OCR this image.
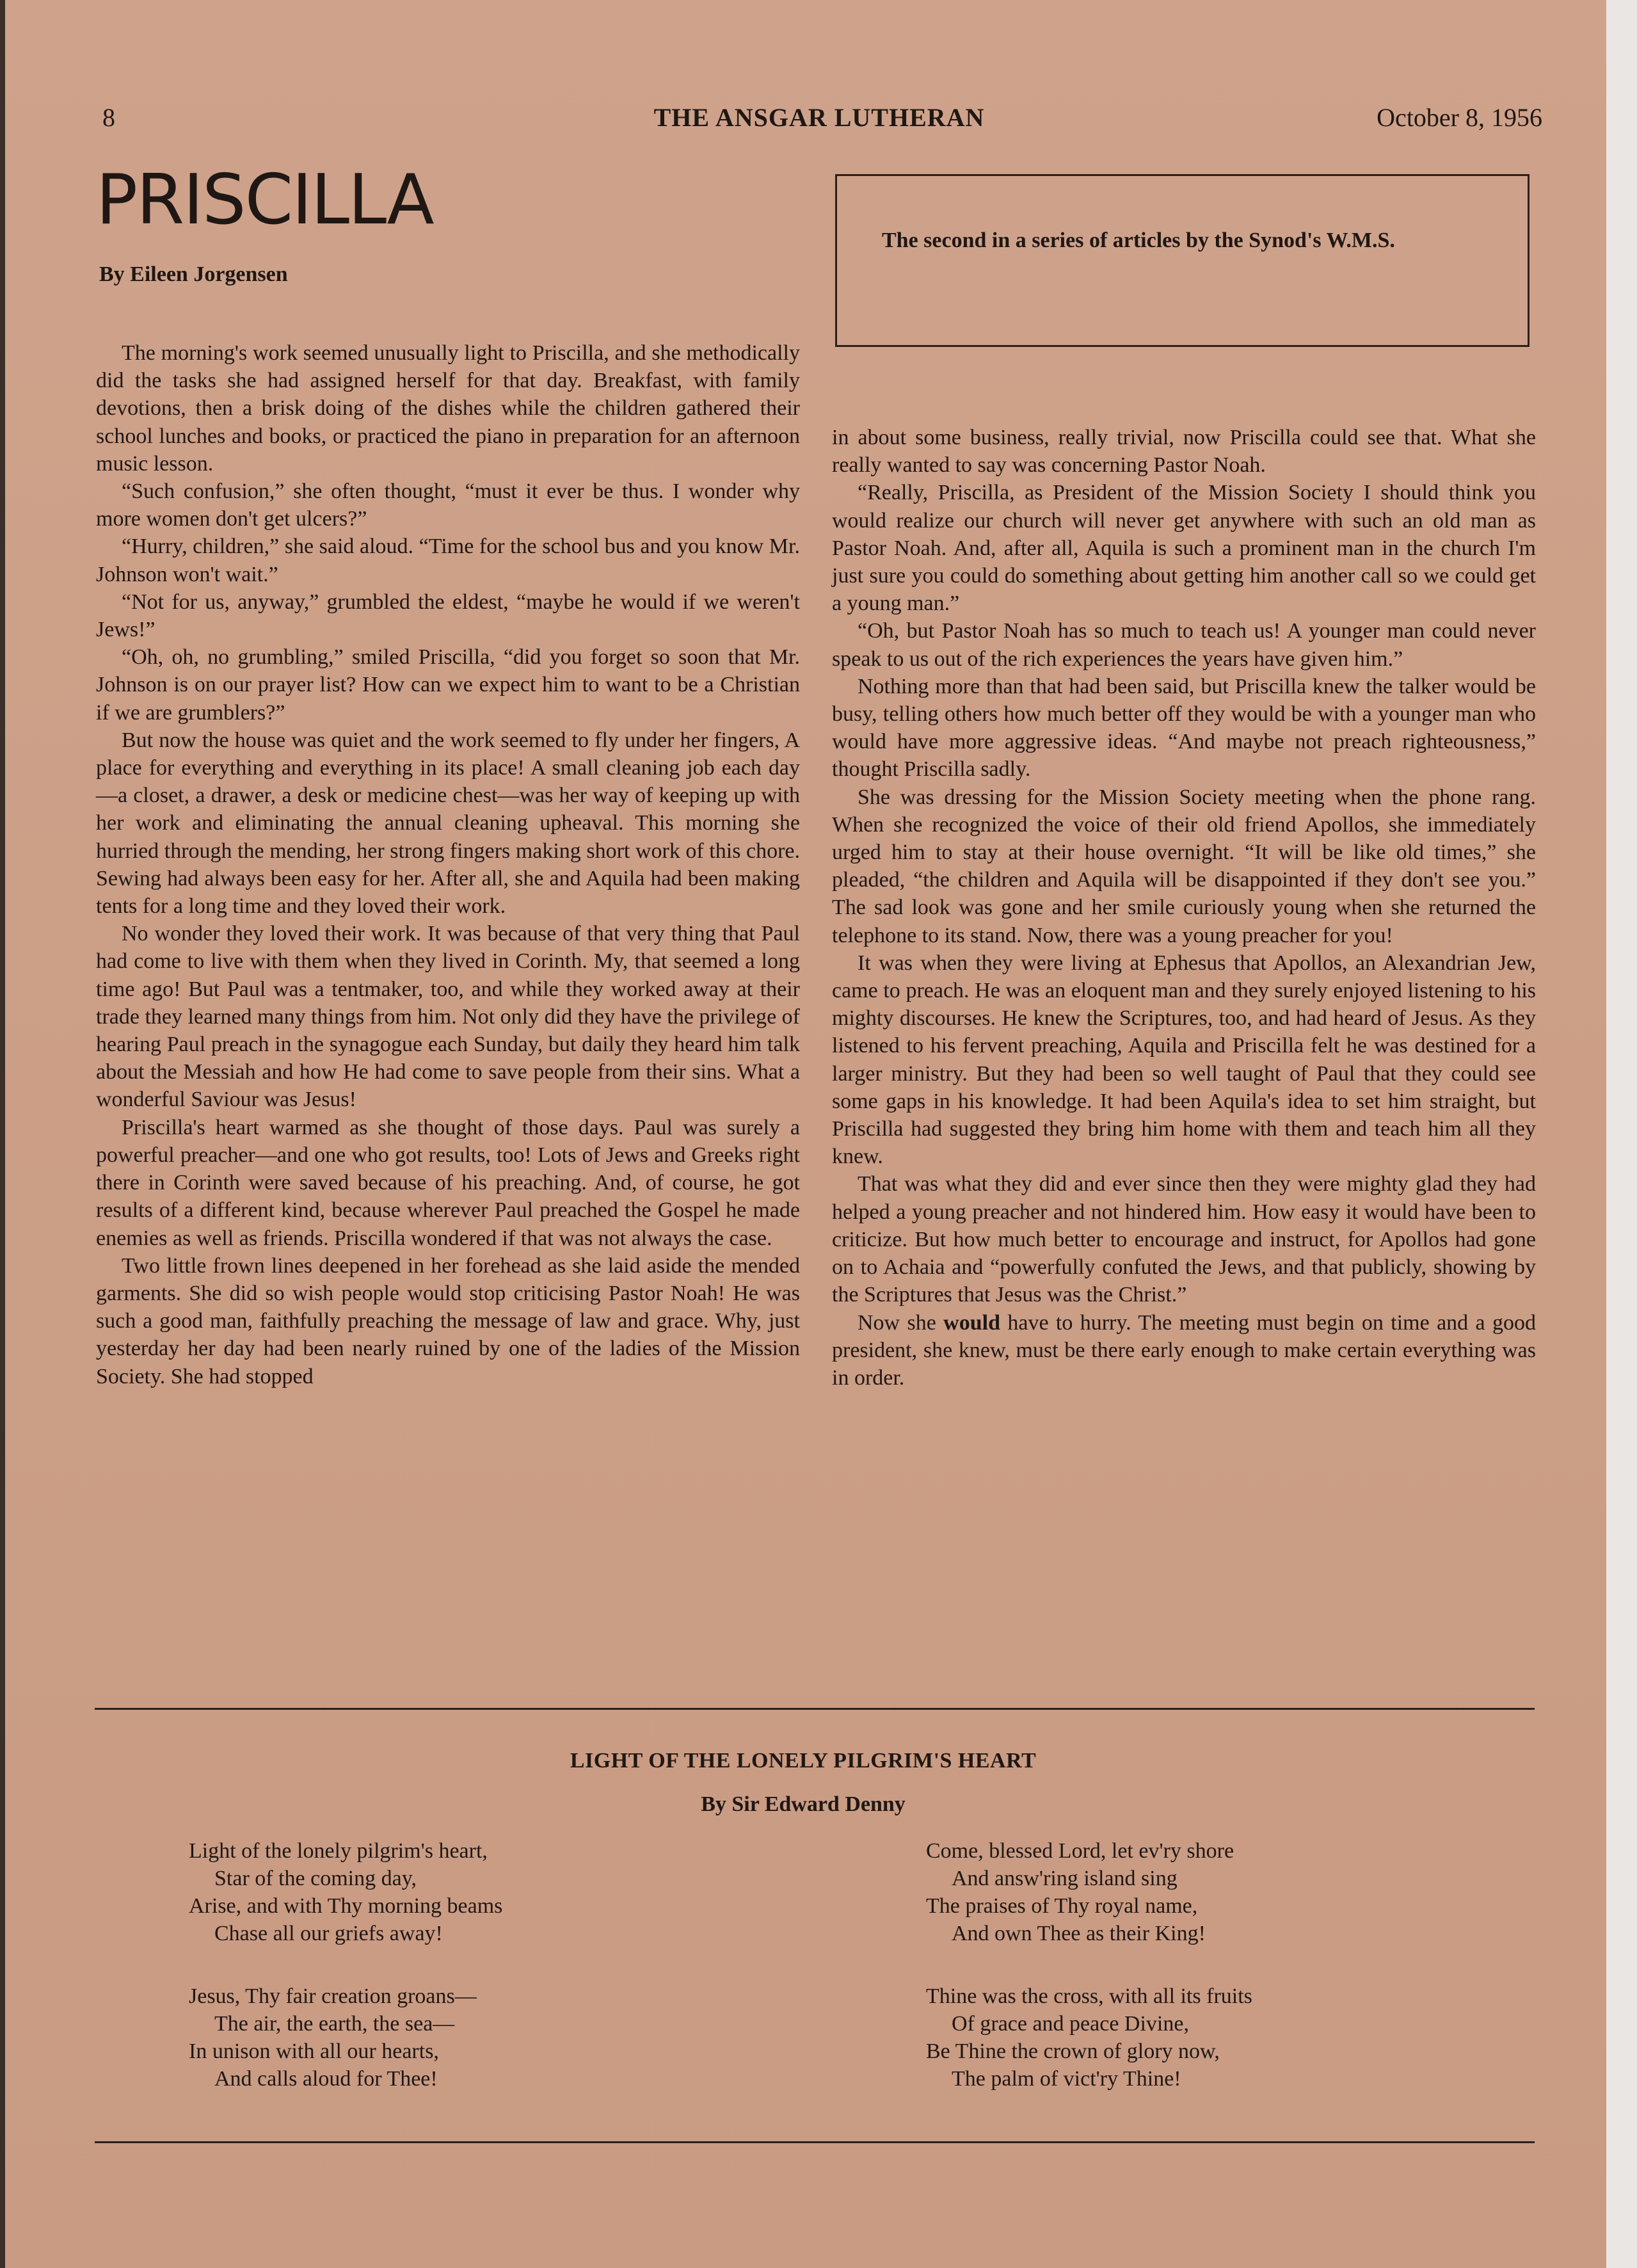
8	THE ANSGAR LUTHERAN	October 8, 1956
PRISCILLA
By Eileen Jorgensen
The second in a series of articles by the Synod's W.M.S.

The morning's work seemed unusually light to Priscilla, and she methodically did the tasks she had assigned herself for that day. Breakfast, with family devotions, then a brisk doing of the dishes while the children gathered their school lunches and books, or practiced the piano in preparation for an afternoon music lesson.

“Such confusion,” she often thought, “must it ever be thus. I wonder why more women don't get ulcers?”

“Hurry, children,” she said aloud. “Time for the school bus and you know Mr. Johnson won't wait.”

“Not for us, anyway,” grumbled the eldest, “maybe he would if we weren't Jews!”

“Oh, oh, no grumbling,” smiled Priscilla, “did you forget so soon that Mr. Johnson is on our prayer list? How can we expect him to want to be a Christian if we are grumblers?”

But now the house was quiet and the work seemed to fly under her fingers, A place for everything and everything in its place! A small cleaning job each day—a closet, a drawer, a desk or medicine chest—was her way of keeping up with her work and eliminating the annual cleaning upheaval. This morning she hurried through the mending, her strong fingers making short work of this chore. Sewing had always been easy for her. After all, she and Aquila had been making tents for a long time and they loved their work.

No wonder they loved their work. It was because of that very thing that Paul had come to live with them when they lived in Corinth. My, that seemed a long time ago! But Paul was a tentmaker, too, and while they worked away at their trade they learned many things from him. Not only did they have the privilege of hearing Paul preach in the synagogue each Sunday, but daily they heard him talk about the Messiah and how He had come to save people from their sins. What a wonderful Saviour was Jesus!

Priscilla's heart warmed as she thought of those days. Paul was surely a powerful preacher—and one who got results, too! Lots of Jews and Greeks right there in Corinth were saved because of his preaching. And, of course, he got results of a different kind, because wherever Paul preached the Gospel he made enemies as well as friends. Priscilla wondered if that was not always the case.

Two little frown lines deepened in her forehead as she laid aside the mended garments. She did so wish people would stop criticising Pastor Noah! He was such a good man, faithfully preaching the message of law and grace. Why, just yesterday her day had been nearly ruined by one of the ladies of the Mission Society. She had stopped

in about some business, really trivial, now Priscilla could see that. What she really wanted to say was concerning Pastor Noah.

“Really, Priscilla, as President of the Mission Society I should think you would realize our church will never get anywhere with such an old man as Pastor Noah. And, after all, Aquila is such a prominent man in the church I'm just sure you could do something about getting him another call so we could get a young man.”

“Oh, but Pastor Noah has so much to teach us! A younger man could never speak to us out of the rich experiences the years have given him.”

Nothing more than that had been said, but Priscilla knew the talker would be busy, telling others how much better off they would be with a younger man who would have more aggressive ideas. “And maybe not preach righteousness,” thought Priscilla sadly.

She was dressing for the Mission Society meeting when the phone rang. When she recognized the voice of their old friend Apollos, she immediately urged him to stay at their house overnight. “It will be like old times,” she pleaded, “the children and Aquila will be disappointed if they don't see you.” The sad look was gone and her smile curiously young when she returned the telephone to its stand. Now, there was a young preacher for you!

It was when they were living at Ephesus that Apollos, an Alexandrian Jew, came to preach. He was an eloquent man and they surely enjoyed listening to his mighty discourses. He knew the Scriptures, too, and had heard of Jesus. As they listened to his fervent preaching, Aquila and Priscilla felt he was destined for a larger ministry. But they had been so well taught of Paul that they could see some gaps in his knowledge. It had been Aquila's idea to set him straight, but Priscilla had suggested they bring him home with them and teach him all they knew.

That was what they did and ever since then they were mighty glad they had helped a young preacher and not hindered him. How easy it would have been to criticize. But how much better to encourage and instruct, for Apollos had gone on to Achaia and “powerfully confuted the Jews, and that publicly, showing by the Scriptures that Jesus was the Christ.”

Now she would have to hurry. The meeting must begin on time and a good president, she knew, must be there early enough to make certain everything was in order.

LIGHT OF THE LONELY PILGRIM'S HEART
By Sir Edward Denny
Light of the lonely pilgrim's heart,
Star of the coming day,
Arise, and with Thy morning beams
Chase all our griefs away!
Jesus, Thy fair creation groans—
The air, the earth, the sea—
In unison with all our hearts,
And calls aloud for Thee!
Come, blessed Lord, let ev'ry shore
And answ'ring island sing
The praises of Thy royal name,
And own Thee as their King!
Thine was the cross, with all its fruits
Of grace and peace Divine,
Be Thine the crown of glory now,
The palm of vict'ry Thine!
